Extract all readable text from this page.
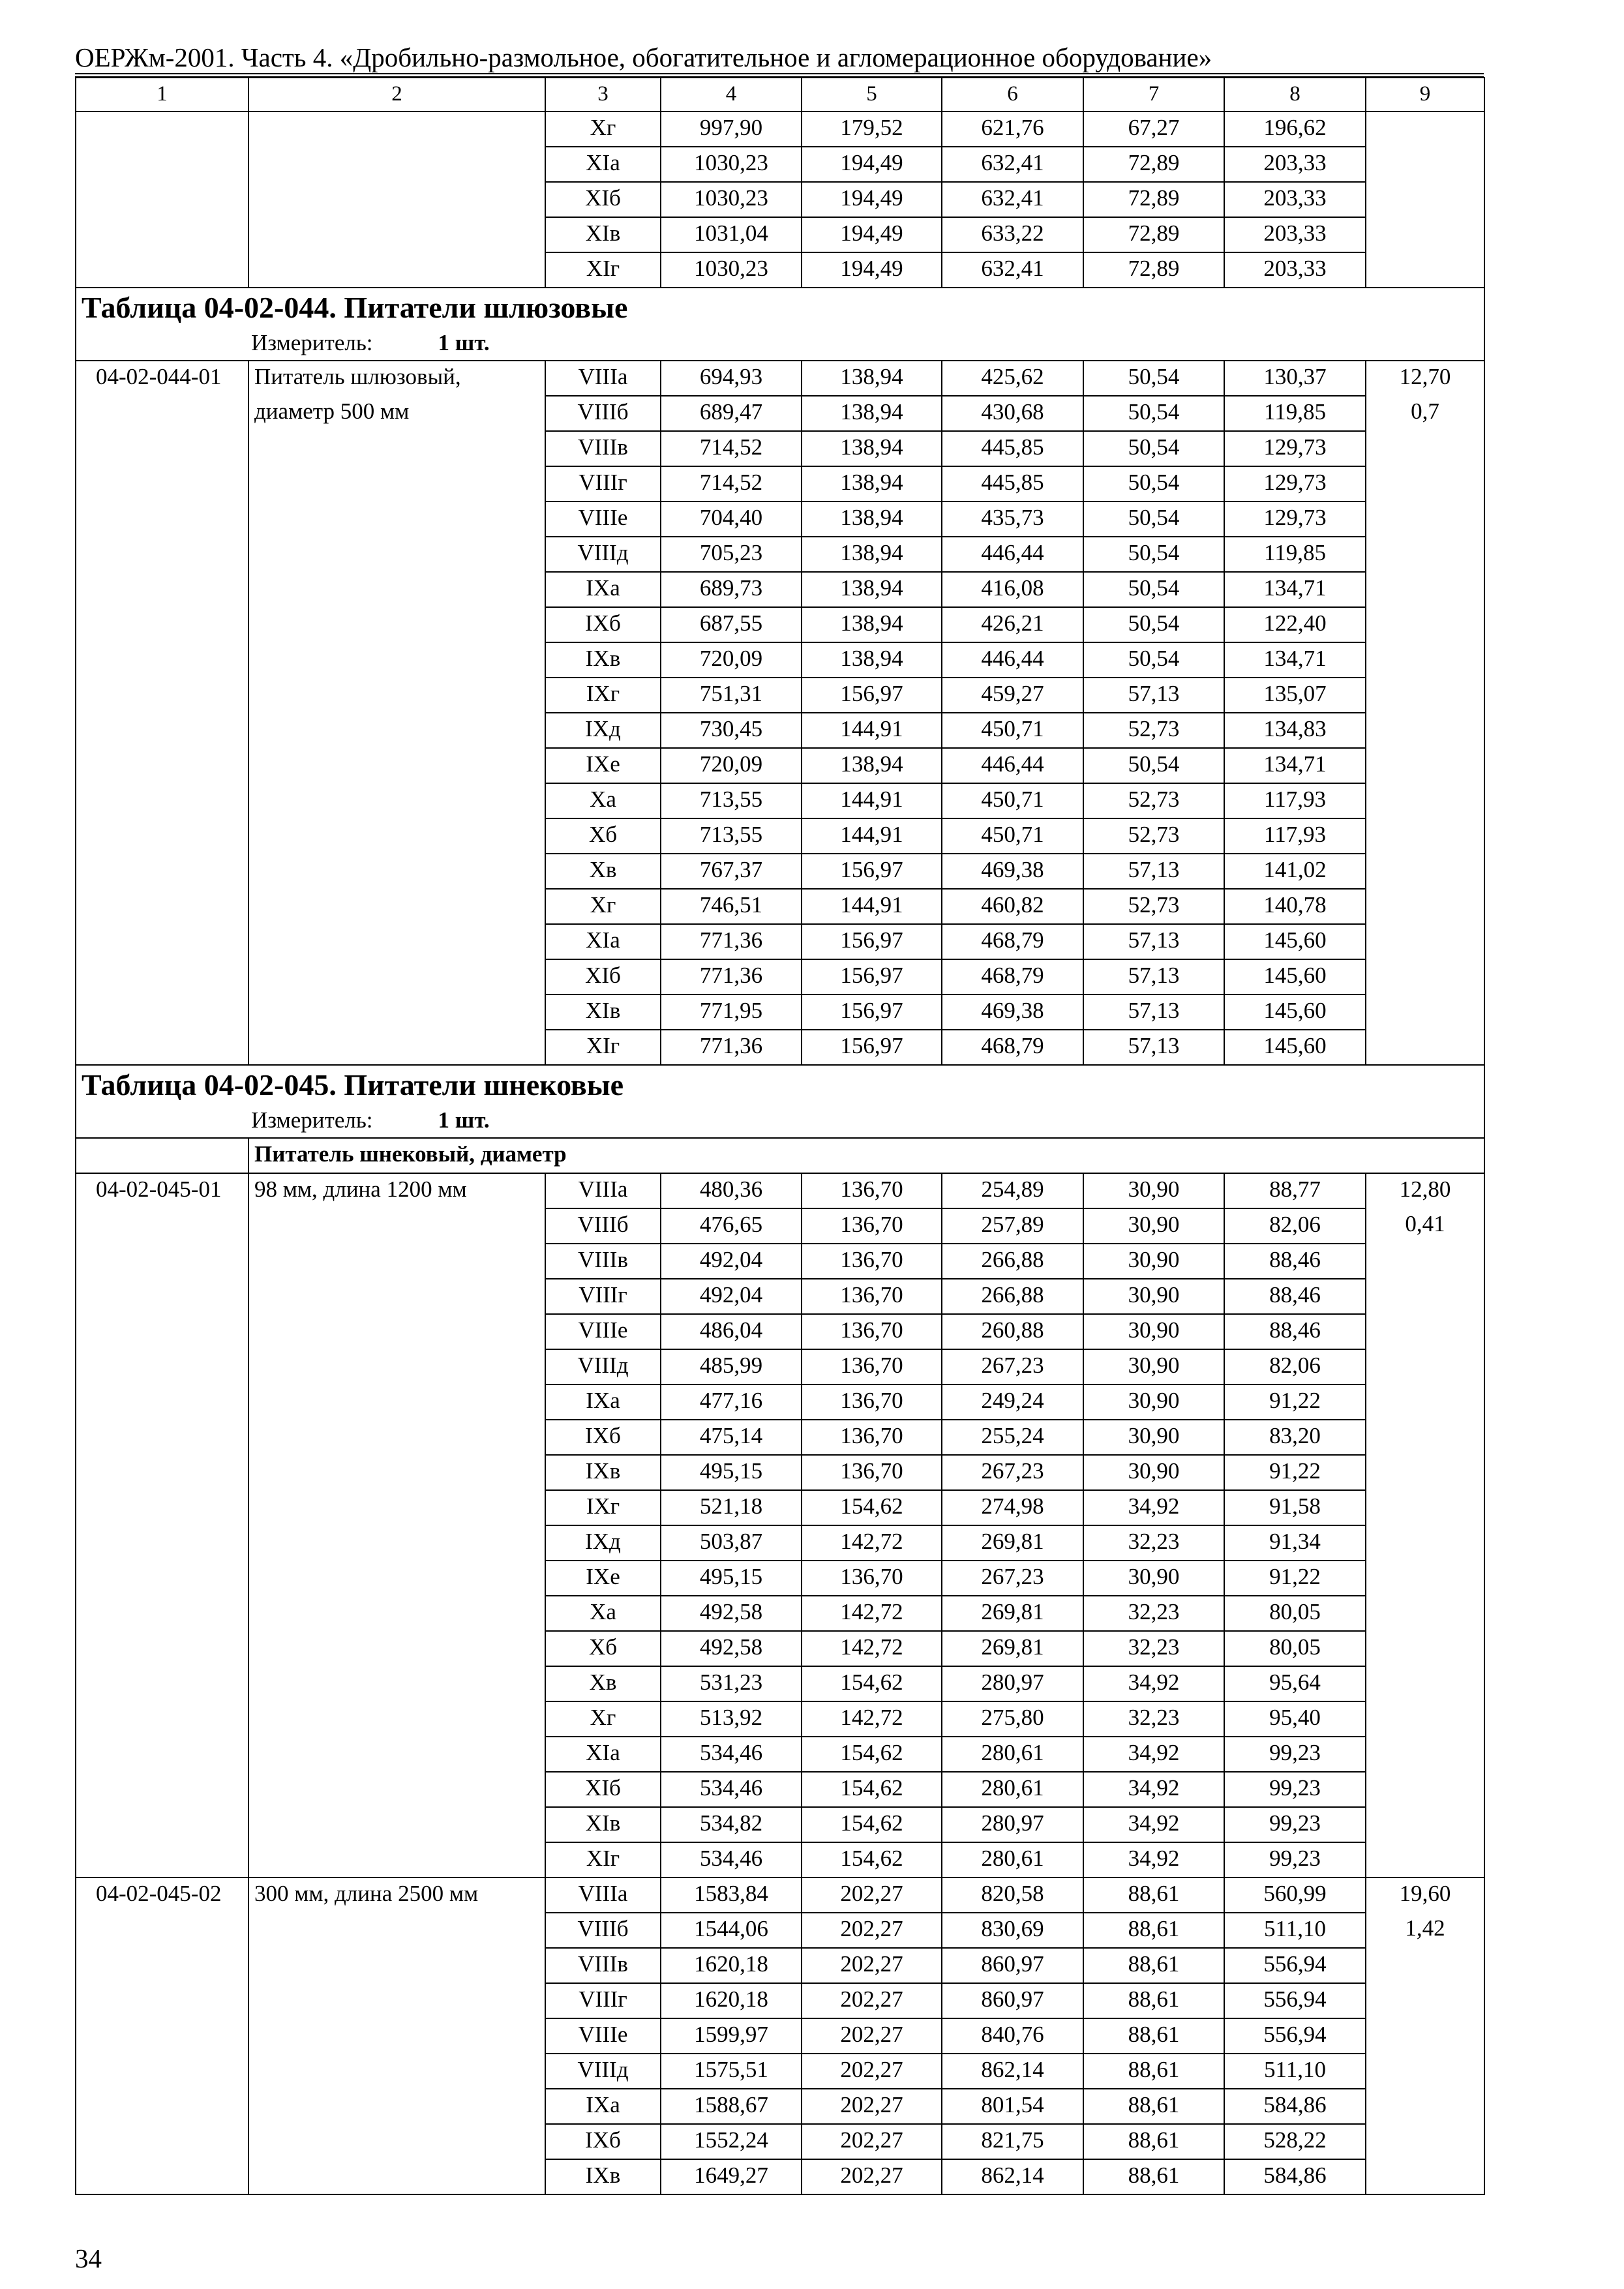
ОЕРЖм-2001. Часть 4. «Дробильно-размольное, обогатительное и агломерационное оборудование»
1	2	3	4	5	6	7	8	9
		Хг	997,90	179,52	621,76	67,27	196,62	
		XIа	1030,23	194,49	632,41	72,89	203,33	
		XIб	1030,23	194,49	632,41	72,89	203,33	
		XIв	1031,04	194,49	633,22	72,89	203,33	
		XIг	1030,23	194,49	632,41	72,89	203,33	

Таблица 04-02-044. Питатели шлюзовые
Измеритель: 1 шт.								

04-02-044-01	Питатель шлюзовый,	VIIIа	694,93	138,94	425,62	50,54	130,37	12,70
	диаметр 500 мм	VIIIб	689,47	138,94	430,68	50,54	119,85	0,7
		VIIIв	714,52	138,94	445,85	50,54	129,73	
		VIIIг	714,52	138,94	445,85	50,54	129,73	
		VIIIе	704,40	138,94	435,73	50,54	129,73	
		VIIIд	705,23	138,94	446,44	50,54	119,85	
		IXа	689,73	138,94	416,08	50,54	134,71	
		IXб	687,55	138,94	426,21	50,54	122,40	
		IXв	720,09	138,94	446,44	50,54	134,71	
		IXг	751,31	156,97	459,27	57,13	135,07	
		IXд	730,45	144,91	450,71	52,73	134,83	
		IXе	720,09	138,94	446,44	50,54	134,71	
		Ха	713,55	144,91	450,71	52,73	117,93	
		Хб	713,55	144,91	450,71	52,73	117,93	
		Хв	767,37	156,97	469,38	57,13	141,02	
		Хг	746,51	144,91	460,82	52,73	140,78	
		XIа	771,36	156,97	468,79	57,13	145,60	
		XIб	771,36	156,97	468,79	57,13	145,60	
		XIв	771,95	156,97	469,38	57,13	145,60	
		XIг	771,36	156,97	468,79	57,13	145,60	

Таблица 04-02-045. Питатели шнековые
Измеритель: 1 шт.								

	Питатель шнековый, диаметр							
04-02-045-01	98 мм, длина 1200 мм	VIIIа	480,36	136,70	254,89	30,90	88,77	12,80
		VIIIб	476,65	136,70	257,89	30,90	82,06	0,41
		VIIIв	492,04	136,70	266,88	30,90	88,46	
		VIIIг	492,04	136,70	266,88	30,90	88,46	
		VIIIе	486,04	136,70	260,88	30,90	88,46	
		VIIIд	485,99	136,70	267,23	30,90	82,06	
		IXа	477,16	136,70	249,24	30,90	91,22	
		IXб	475,14	136,70	255,24	30,90	83,20	
		IXв	495,15	136,70	267,23	30,90	91,22	
		IXг	521,18	154,62	274,98	34,92	91,58	
		IXд	503,87	142,72	269,81	32,23	91,34	
		IXе	495,15	136,70	267,23	30,90	91,22	
		Ха	492,58	142,72	269,81	32,23	80,05	
		Хб	492,58	142,72	269,81	32,23	80,05	
		Хв	531,23	154,62	280,97	34,92	95,64	
		Хг	513,92	142,72	275,80	32,23	95,40	
		XIа	534,46	154,62	280,61	34,92	99,23	
		XIб	534,46	154,62	280,61	34,92	99,23	
		XIв	534,82	154,62	280,97	34,92	99,23	
		XIг	534,46	154,62	280,61	34,92	99,23	
04-02-045-02	300 мм, длина 2500 мм	VIIIа	1583,84	202,27	820,58	88,61	560,99	19,60
		VIIIб	1544,06	202,27	830,69	88,61	511,10	1,42
		VIIIв	1620,18	202,27	860,97	88,61	556,94	
		VIIIг	1620,18	202,27	860,97	88,61	556,94	
		VIIIе	1599,97	202,27	840,76	88,61	556,94	
		VIIIд	1575,51	202,27	862,14	88,61	511,10	
		IXа	1588,67	202,27	801,54	88,61	584,86	
		IXб	1552,24	202,27	821,75	88,61	528,22	
		IXв	1649,27	202,27	862,14	88,61	584,86	
34
